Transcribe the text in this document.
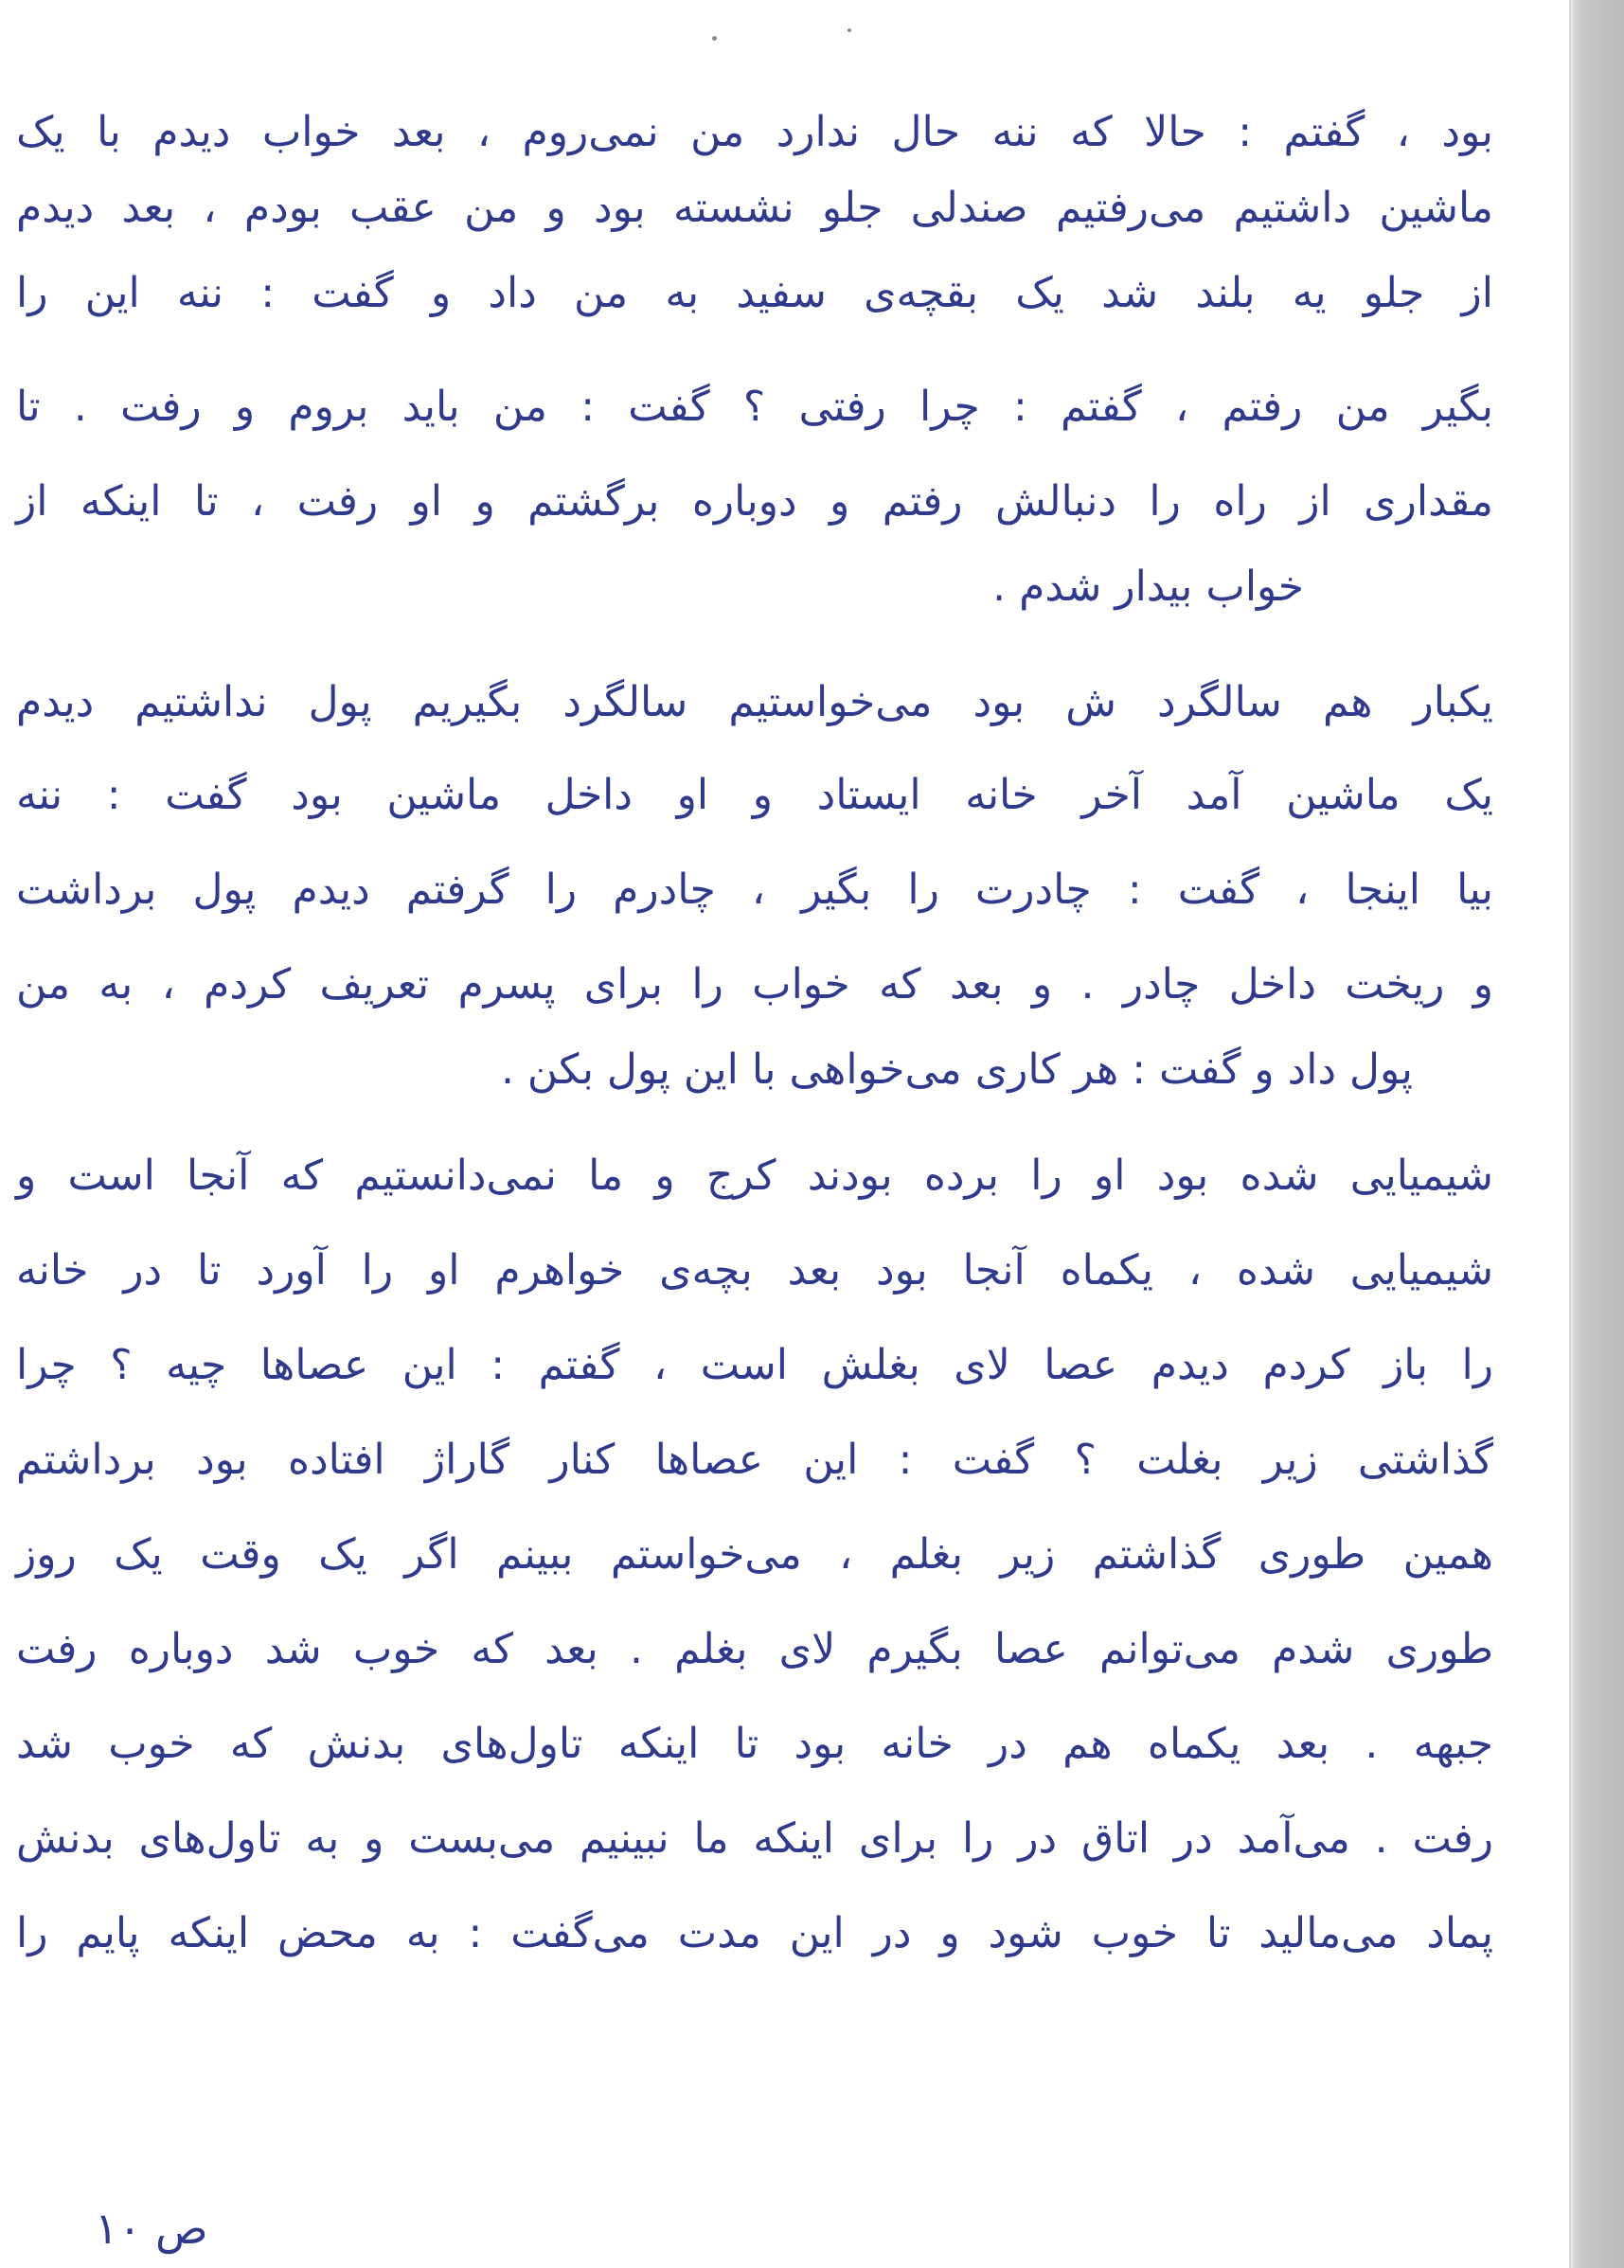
بود ، گفتم : حالا که ننه حال ندارد من نمی‌روم ، بعد خواب دیدم با یک
ماشین داشتیم می‌رفتیم صندلی جلو نشسته بود و من عقب بودم ، بعد دیدم
از جلو یه بلند شد یک بقچه‌ی سفید به من داد و گفت : ننه این را
بگیر من رفتم ، گفتم : چرا رفتی ؟ گفت : من باید بروم و رفت . تا
مقداری از راه را دنبالش رفتم و دوباره برگشتم و او رفت ، تا اینکه از
خواب بیدار شدم .
یکبار هم سالگرد ش بود می‌خواستیم سالگرد بگیریم پول نداشتیم دیدم
یک ماشین آمد آخر خانه ایستاد و او داخل ماشین بود گفت : ننه
بیا اینجا ، گفت : چادرت را بگیر ، چادرم را گرفتم دیدم پول برداشت
و ریخت داخل چادر . و بعد که خواب را برای پسرم تعریف کردم ، به من
پول داد و گفت : هر کاری می‌خواهی با این پول بکن .
شیمیایی شده بود او را برده بودند کرج و ما نمی‌دانستیم که آنجا است و
شیمیایی شده ، یکماه آنجا بود بعد بچه‌ی خواهرم او را آورد تا در خانه
را باز کردم دیدم عصا لای بغلش است ، گفتم : این عصاها چیه ؟ چرا
گذاشتی زیر بغلت ؟ گفت : این عصاها کنار گاراژ افتاده بود برداشتم
همین طوری گذاشتم زیر بغلم ، می‌خواستم ببینم اگر یک وقت یک روز
طوری شدم می‌توانم عصا بگیرم لای بغلم . بعد که خوب شد دوباره رفت
جبهه . بعد یکماه هم در خانه بود تا اینکه تاول‌های بدنش که خوب شد
رفت . می‌آمد در اتاق در را برای اینکه ما نبینیم می‌بست و به تاول‌های بدنش
پماد می‌مالید تا خوب شود و در این مدت می‌گفت : به محض اینکه پایم را
ص ۱۰
